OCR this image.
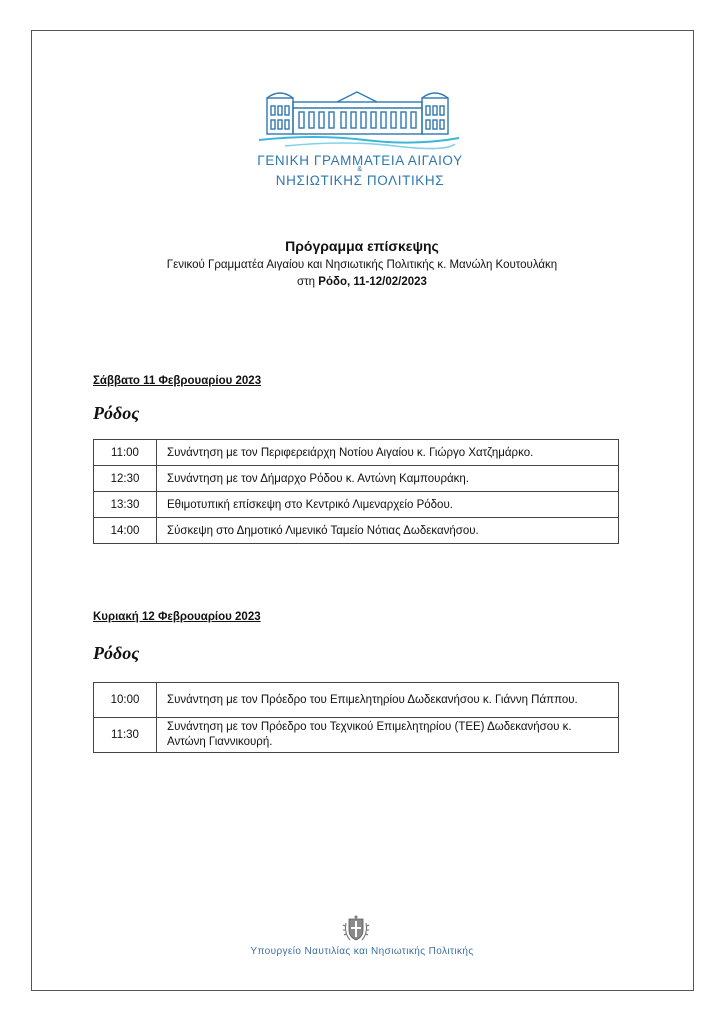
ΓΕΝΙΚΗ ΓΡΑΜΜΑΤΕΙΑ ΑΙΓΑΙΟΥ
&
ΝΗΣΙΩΤΙΚΗΣ ΠΟΛΙΤΙΚΗΣ
Πρόγραμμα επίσκεψης
Γενικού Γραμματέα Αιγαίου και Νησιωτικής Πολιτικής κ. Μανώλη Κουτουλάκη
στη Ρόδο, 11-12/02/2023
Σάββατο 11 Φεβρουαρίου 2023
Ρόδος
11:00	Συνάντηση με τον Περιφερειάρχη Νοτίου Αιγαίου κ. Γιώργο Χατζημάρκο.
12:30	Συνάντηση με τον Δήμαρχο Ρόδου κ. Αντώνη Καμπουράκη.
13:30	Εθιμοτυπική επίσκεψη στο Κεντρικό Λιμεναρχείο Ρόδου.
14:00	Σύσκεψη στο Δημοτικό Λιμενικό Ταμείο Νότιας Δωδεκανήσου.
Κυριακή 12 Φεβρουαρίου 2023
Ρόδος
10:00	Συνάντηση με τον Πρόεδρο του Επιμελητηρίου Δωδεκανήσου κ. Γιάννη Πάππου.
11:30	Συνάντηση με τον Πρόεδρο του Τεχνικού Επιμελητηρίου (ΤΕΕ) Δωδεκανήσου κ. Αντώνη Γιαννικουρή.
Υπουργείο Ναυτιλίας και Νησιωτικής Πολιτικής
